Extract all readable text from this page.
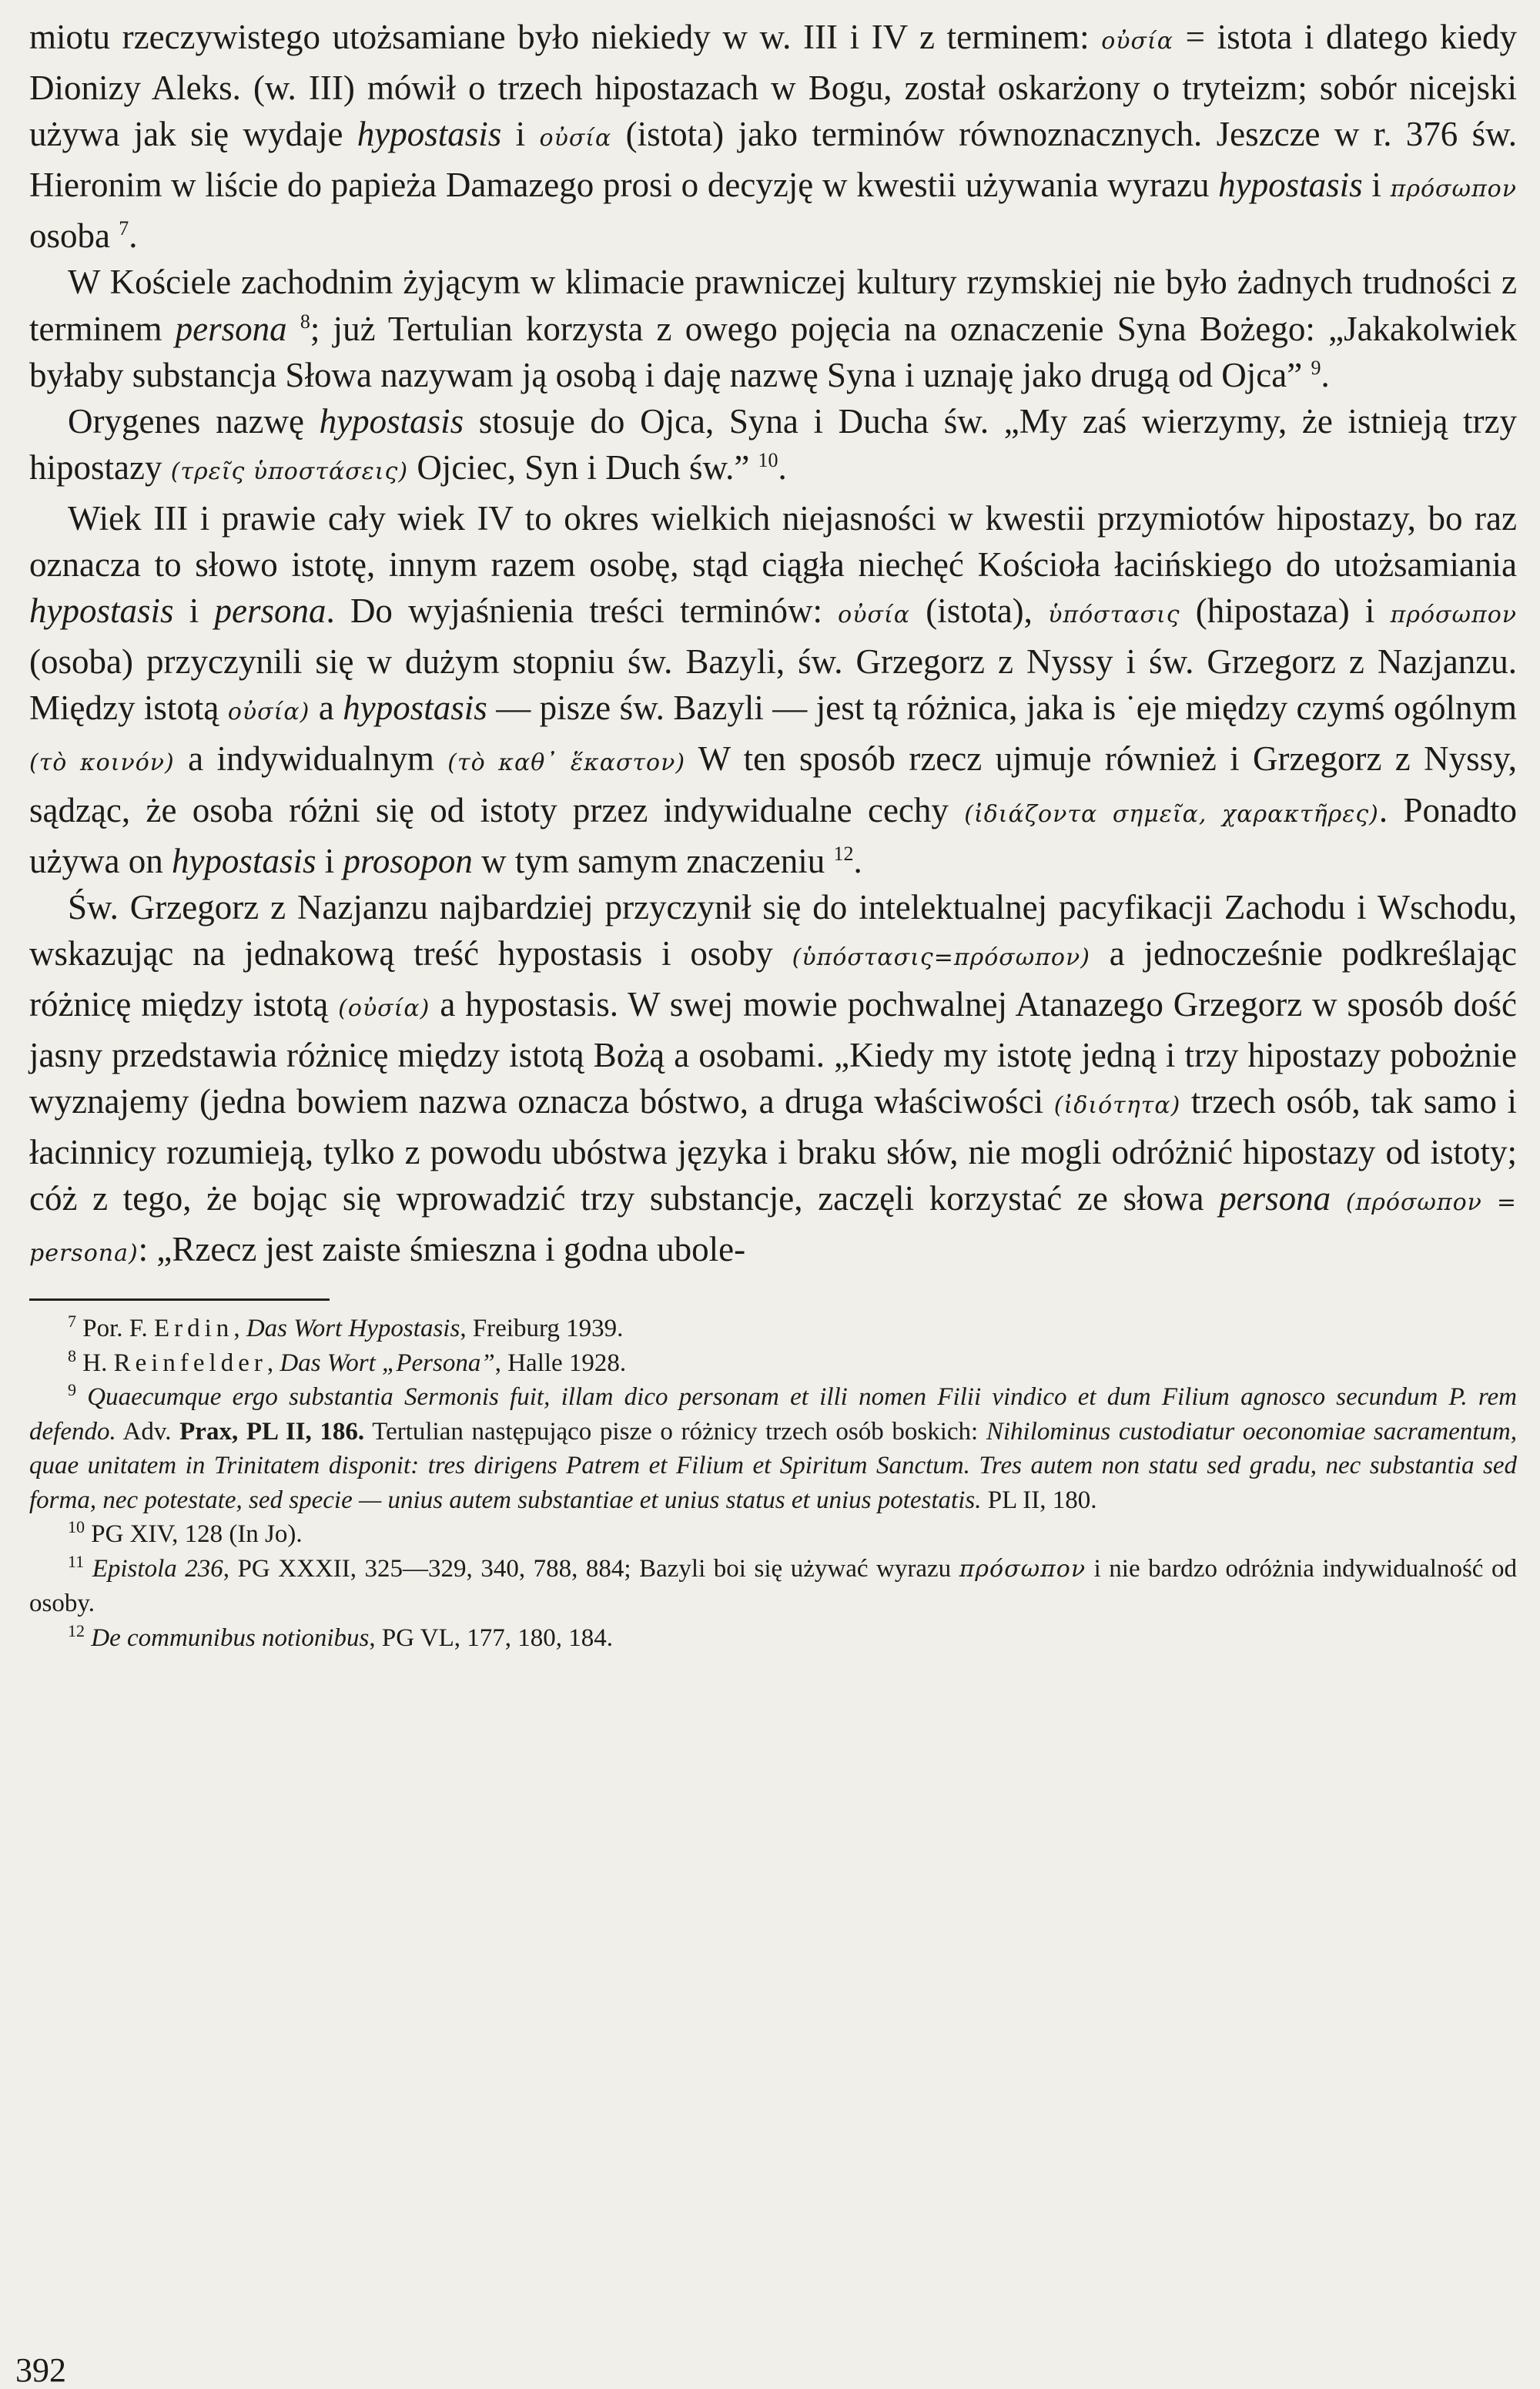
miotu rzeczywistego utożsamiane było niekiedy w w. III i IV z terminem: οὐσία = istota i dlatego kiedy Dionizy Aleks. (w. III) mówił o trzech hipostazach w Bogu, został oskarżony o tryteizm; sobór nicejski używa jak się wydaje hypostasis i οὐσία (istota) jako terminów równoznacznych. Jeszcze w r. 376 św. Hieronim w liście do papieża Damazego prosi o decyzję w kwestii używania wyrazu hypostasis i πρόσωπον osoba $^7$.

W Kościele zachodnim żyjącym w klimacie prawniczej kultury rzymskiej nie było żadnych trudności z terminem persona $^8$; już Tertulian korzysta z owego pojęcia na oznaczenie Syna Bożego: „Jakakolwiek byłaby substancja Słowa nazywam ją osobą i daję nazwę Syna i uznaję jako drugą od Ojca” $^9$.

Orygenes nazwę hypostasis stosuje do Ojca, Syna i Ducha św. „My zaś wierzymy, że istnieją trzy hipostazy (τρεῖς ὑποστάσεις) Ojciec, Syn i Duch św.” $^{10}$.

Wiek III i prawie cały wiek IV to okres wielkich niejasności w kwestii przymiotów hipostazy, bo raz oznacza to słowo istotę, innym razem osobę, stąd ciągła niechęć Kościoła łacińskiego do utożsamiania hypostasis i persona. Do wyjaśnienia treści terminów: οὐσία (istota), ὑπόστασις (hipostaza) i πρόσωπον (osoba) przyczynili się w dużym stopniu św. Bazyli, św. Grzegorz z Nyssy i św. Grzegorz z Nazjanzu. Między istotą οὐσία) a hypostasis — pisze św. Bazyli — jest tą różnica, jaka is ˙eje między czymś ogólnym (τὸ κοινόν) a indywidualnym (τὸ καθ᾽ ἕκαστον) W ten sposób rzecz ujmuje również i Grzegorz z Nyssy, sądząc, że osoba różni się od istoty przez indywidualne cechy (ἰδιάζοντα σημεῖα, χαρακτῆρες). Ponadto używa on hypostasis i prosopon w tym samym znaczeniu $^{12}$.

Św. Grzegorz z Nazjanzu najbardziej przyczynił się do intelektualnej pacyfikacji Zachodu i Wschodu, wskazując na jednakową treść hypostasis i osoby (ὑπόστασις=πρόσωπον) a jednocześnie podkreślając różnicę między istotą (οὐσία) a hypostasis. W swej mowie pochwalnej Atanazego Grzegorz w sposób dość jasny przedstawia różnicę między istotą Bożą a osobami. „Kiedy my istotę jedną i trzy hipostazy pobożnie wyznajemy (jedna bowiem nazwa oznacza bóstwo, a druga właściwości (ἰδιότητα) trzech osób, tak samo i łacinnicy rozumieją, tylko z powodu ubóstwa języka i braku słów, nie mogli odróżnić hipostazy od istoty; cóż z tego, że bojąc się wprowadzić trzy substancje, zaczęli korzystać ze słowa persona (πρόσωπον = persona): „Rzecz jest zaiste śmieszna i godna ubole-

$^7$ Por. F. Erdin, Das Wort Hypostasis, Freiburg 1939.

$^8$ H. Reinfelder, Das Wort „Persona”, Halle 1928.

$^9$ Quaecumque ergo substantia Sermonis fuit, illam dico personam et illi nomen Filii vindico et dum Filium agnosco secundum P. rem defendo. Adv. Prax, PL II, 186. Tertulian następująco pisze o różnicy trzech osób boskich: Nihilominus custodiatur oeconomiae sacramentum, quae unitatem in Trinitatem disponit: tres dirigens Patrem et Filium et Spiritum Sanctum. Tres autem non statu sed gradu, nec substantia sed forma, nec potestate, sed specie — unius autem substantiae et unius status et unius potestatis. PL II, 180.

$^{10}$ PG XIV, 128 (In Jo).

$^{11}$ Epistola 236, PG XXXII, 325—329, 340, 788, 884; Bazyli boi się używać wyrazu πρόσωπον i nie bardzo odróżnia indywidualność od osoby.

$^{12}$ De communibus notionibus, PG VL, 177, 180, 184.

392
